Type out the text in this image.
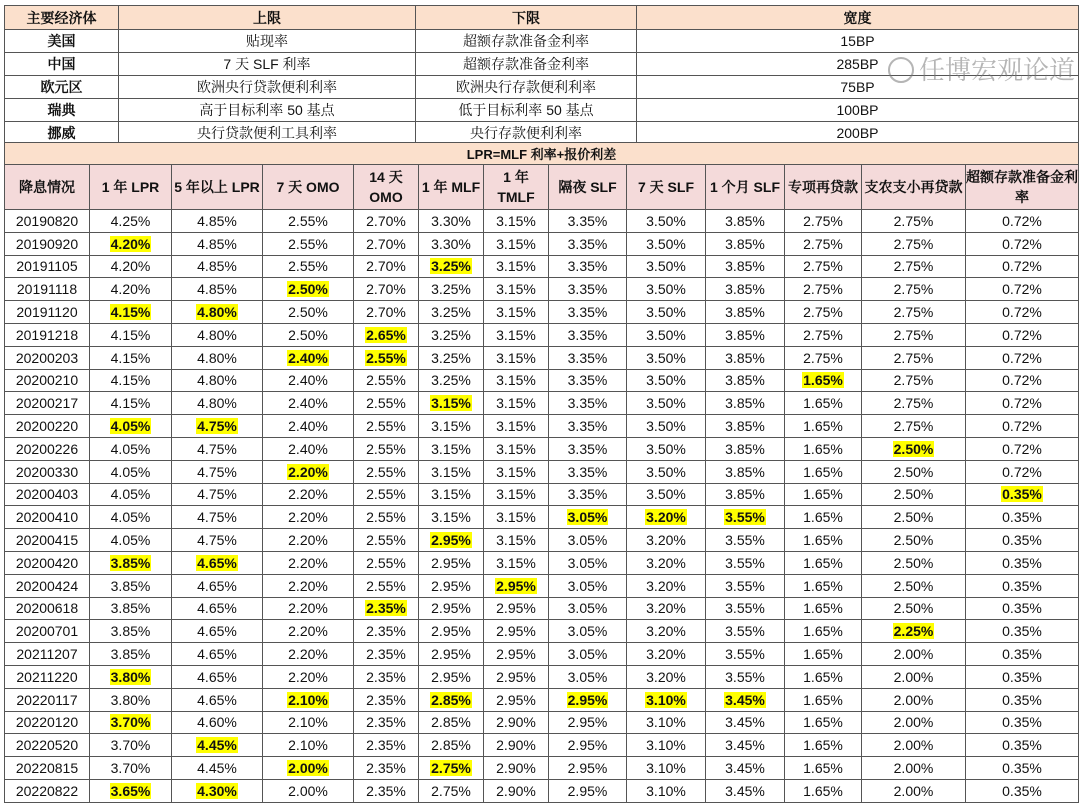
主要经济体	上限	下限	宽度
美国	贴现率	超额存款准备金利率	15BP
中国	7 天 SLF 利率	超额存款准备金利率	285BP
欧元区	欧洲央行贷款便利利率	欧洲央行存款便利利率	75BP
瑞典	高于目标利率 50 基点	低于目标利率 50 基点	100BP
挪威	央行贷款便利工具利率	央行存款便利利率	200BP
LPR=MLF 利率+报价利差												
降息情况	1 年 LPR	5 年以上 LPR	7 天 OMO	14 天 OMO	1 年 MLF	1 年 TMLF	隔夜 SLF	7 天 SLF	1 个月 SLF	专项再贷款	支农支小再贷款	超额存款准备金利率
20190820	4.25%	4.85%	2.55%	2.70%	3.30%	3.15%	3.35%	3.50%	3.85%	2.75%	2.75%	0.72%
20190920	4.20%	4.85%	2.55%	2.70%	3.30%	3.15%	3.35%	3.50%	3.85%	2.75%	2.75%	0.72%
20191105	4.20%	4.85%	2.55%	2.70%	3.25%	3.15%	3.35%	3.50%	3.85%	2.75%	2.75%	0.72%
20191118	4.20%	4.85%	2.50%	2.70%	3.25%	3.15%	3.35%	3.50%	3.85%	2.75%	2.75%	0.72%
20191120	4.15%	4.80%	2.50%	2.70%	3.25%	3.15%	3.35%	3.50%	3.85%	2.75%	2.75%	0.72%
20191218	4.15%	4.80%	2.50%	2.65%	3.25%	3.15%	3.35%	3.50%	3.85%	2.75%	2.75%	0.72%
20200203	4.15%	4.80%	2.40%	2.55%	3.25%	3.15%	3.35%	3.50%	3.85%	2.75%	2.75%	0.72%
20200210	4.15%	4.80%	2.40%	2.55%	3.25%	3.15%	3.35%	3.50%	3.85%	1.65%	2.75%	0.72%
20200217	4.15%	4.80%	2.40%	2.55%	3.15%	3.15%	3.35%	3.50%	3.85%	1.65%	2.75%	0.72%
20200220	4.05%	4.75%	2.40%	2.55%	3.15%	3.15%	3.35%	3.50%	3.85%	1.65%	2.75%	0.72%
20200226	4.05%	4.75%	2.40%	2.55%	3.15%	3.15%	3.35%	3.50%	3.85%	1.65%	2.50%	0.72%
20200330	4.05%	4.75%	2.20%	2.55%	3.15%	3.15%	3.35%	3.50%	3.85%	1.65%	2.50%	0.72%
20200403	4.05%	4.75%	2.20%	2.55%	3.15%	3.15%	3.35%	3.50%	3.85%	1.65%	2.50%	0.35%
20200410	4.05%	4.75%	2.20%	2.55%	3.15%	3.15%	3.05%	3.20%	3.55%	1.65%	2.50%	0.35%
20200415	4.05%	4.75%	2.20%	2.55%	2.95%	3.15%	3.05%	3.20%	3.55%	1.65%	2.50%	0.35%
20200420	3.85%	4.65%	2.20%	2.55%	2.95%	3.15%	3.05%	3.20%	3.55%	1.65%	2.50%	0.35%
20200424	3.85%	4.65%	2.20%	2.55%	2.95%	2.95%	3.05%	3.20%	3.55%	1.65%	2.50%	0.35%
20200618	3.85%	4.65%	2.20%	2.35%	2.95%	2.95%	3.05%	3.20%	3.55%	1.65%	2.50%	0.35%
20200701	3.85%	4.65%	2.20%	2.35%	2.95%	2.95%	3.05%	3.20%	3.55%	1.65%	2.25%	0.35%
20211207	3.85%	4.65%	2.20%	2.35%	2.95%	2.95%	3.05%	3.20%	3.55%	1.65%	2.00%	0.35%
20211220	3.80%	4.65%	2.20%	2.35%	2.95%	2.95%	3.05%	3.20%	3.55%	1.65%	2.00%	0.35%
20220117	3.80%	4.65%	2.10%	2.35%	2.85%	2.95%	2.95%	3.10%	3.45%	1.65%	2.00%	0.35%
20220120	3.70%	4.60%	2.10%	2.35%	2.85%	2.90%	2.95%	3.10%	3.45%	1.65%	2.00%	0.35%
20220520	3.70%	4.45%	2.10%	2.35%	2.85%	2.90%	2.95%	3.10%	3.45%	1.65%	2.00%	0.35%
20220815	3.70%	4.45%	2.00%	2.35%	2.75%	2.90%	2.95%	3.10%	3.45%	1.65%	2.00%	0.35%
20220822	3.65%	4.30%	2.00%	2.35%	2.75%	2.90%	2.95%	3.10%	3.45%	1.65%	2.00%	0.35%
任博宏观论道
